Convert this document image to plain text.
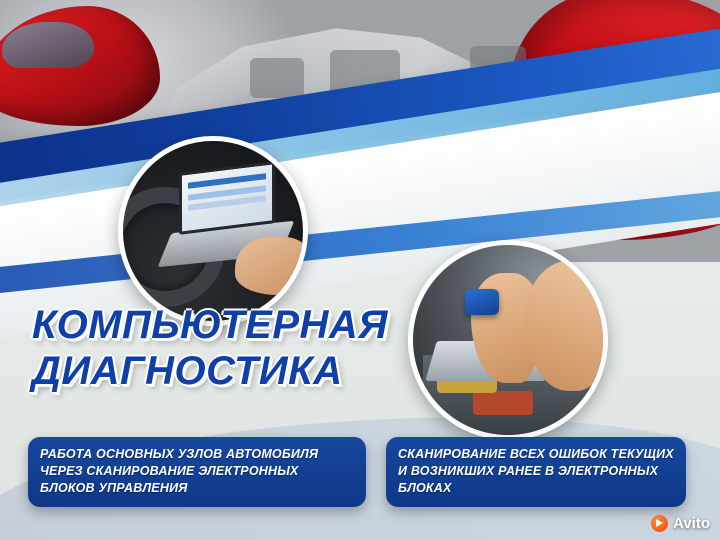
КОМПЬЮТЕРНАЯ
ДИАГНОСТИКА

РАБОТА ОСНОВНЫХ УЗЛОВ АВТОМОБИЛЯ ЧЕРЕЗ СКАНИРОВАНИЕ ЭЛЕКТРОННЫХ БЛОКОВ УПРАВЛЕНИЯ

СКАНИРОВАНИЕ ВСЕХ ОШИБОК ТЕКУЩИХ И ВОЗНИКШИХ РАНЕЕ В ЭЛЕКТРОННЫХ БЛОКАХ

Avito
